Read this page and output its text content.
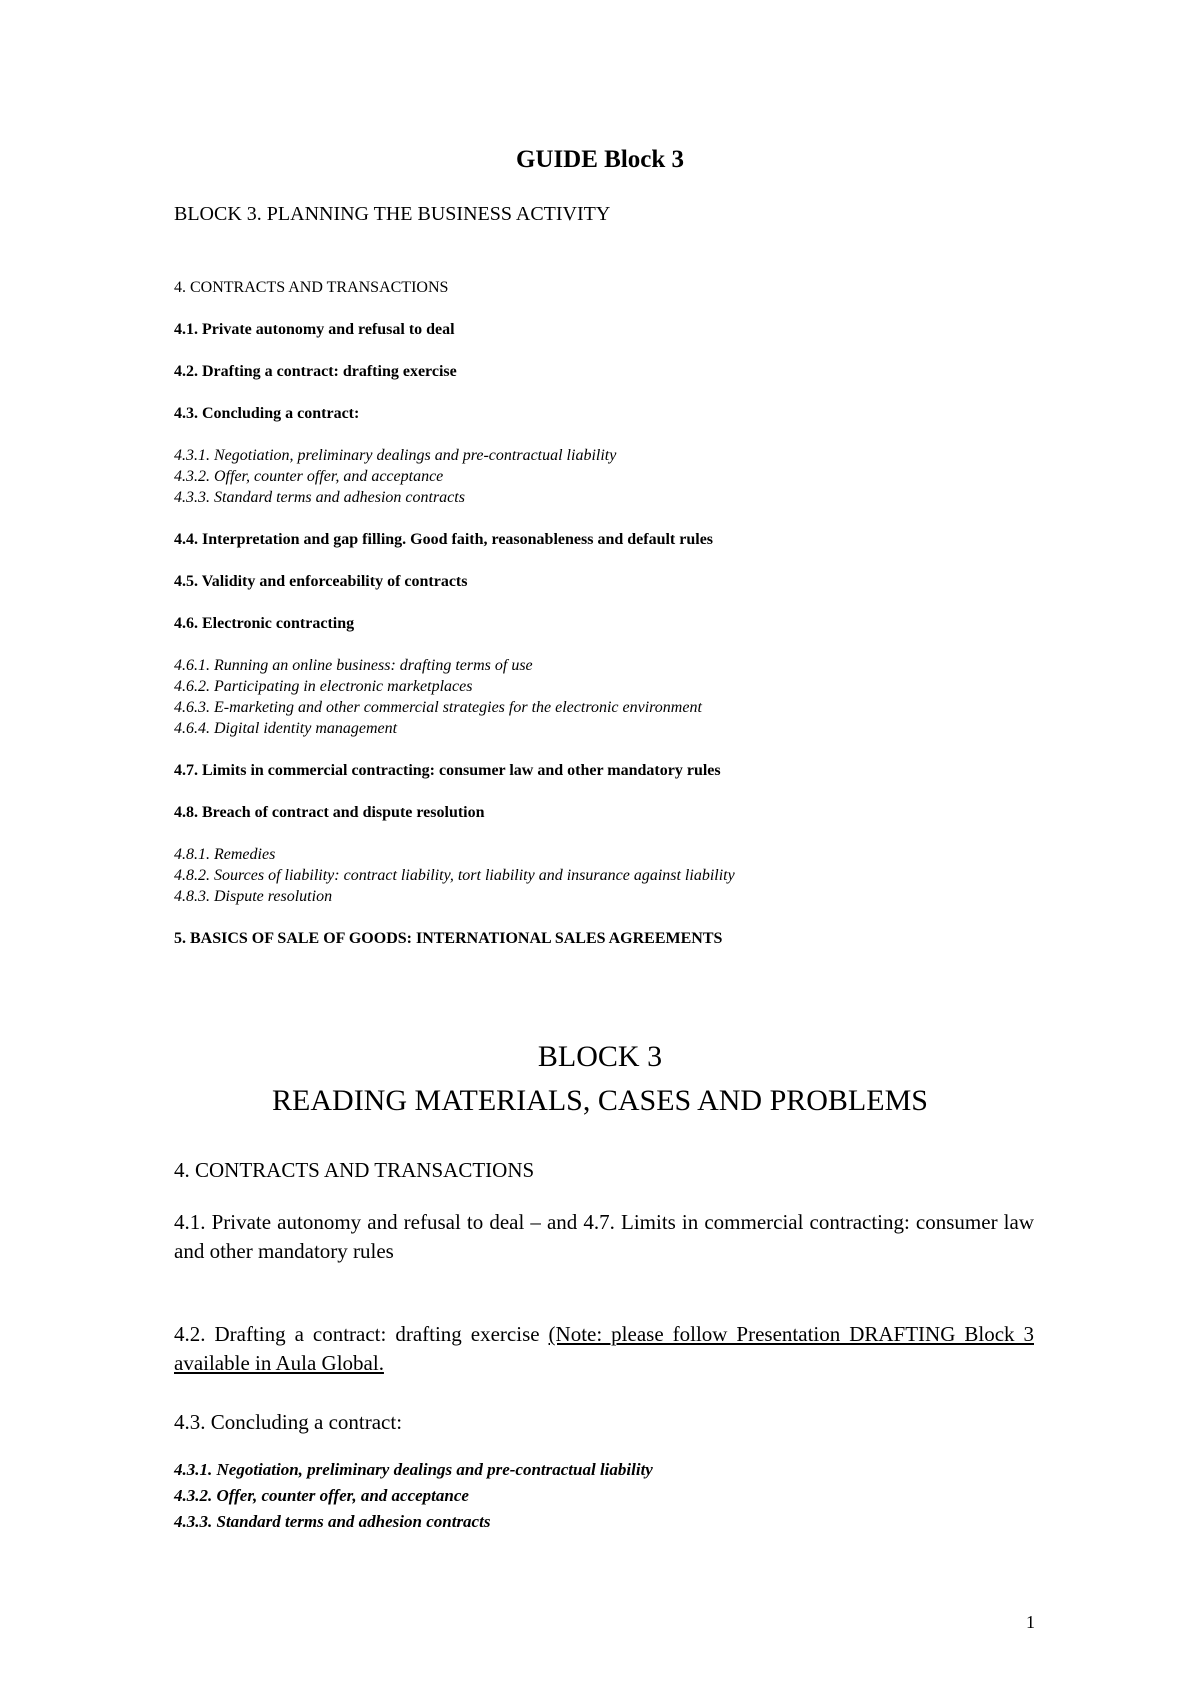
GUIDE Block 3
BLOCK 3. PLANNING THE BUSINESS ACTIVITY
4. CONTRACTS AND TRANSACTIONS
4.1. Private autonomy and refusal to deal
4.2. Drafting a contract: drafting exercise
4.3. Concluding a contract:
4.3.1. Negotiation, preliminary dealings and pre-contractual liability
4.3.2. Offer, counter offer, and acceptance
4.3.3. Standard terms and adhesion contracts
4.4. Interpretation and gap filling. Good faith, reasonableness and default rules
4.5. Validity and enforceability of contracts
4.6. Electronic contracting
4.6.1. Running an online business: drafting terms of use
4.6.2. Participating in electronic marketplaces
4.6.3. E-marketing and other commercial strategies for the electronic environment
4.6.4. Digital identity management
4.7. Limits in commercial contracting: consumer law and other mandatory rules
4.8. Breach of contract and dispute resolution
4.8.1. Remedies
4.8.2. Sources of liability: contract liability, tort liability and insurance against liability
4.8.3. Dispute resolution
5. BASICS OF SALE OF GOODS: INTERNATIONAL SALES AGREEMENTS
BLOCK 3
READING MATERIALS, CASES AND PROBLEMS
4. CONTRACTS AND TRANSACTIONS

4.1. Private autonomy and refusal to deal – and 4.7. Limits in commercial contracting: consumer law and other mandatory rules

4.2. Drafting a contract: drafting exercise (Note: please follow Presentation DRAFTING Block 3 available in Aula Global.

4.3. Concluding a contract:
4.3.1. Negotiation, preliminary dealings and pre-contractual liability
4.3.2. Offer, counter offer, and acceptance
4.3.3. Standard terms and adhesion contracts
1
